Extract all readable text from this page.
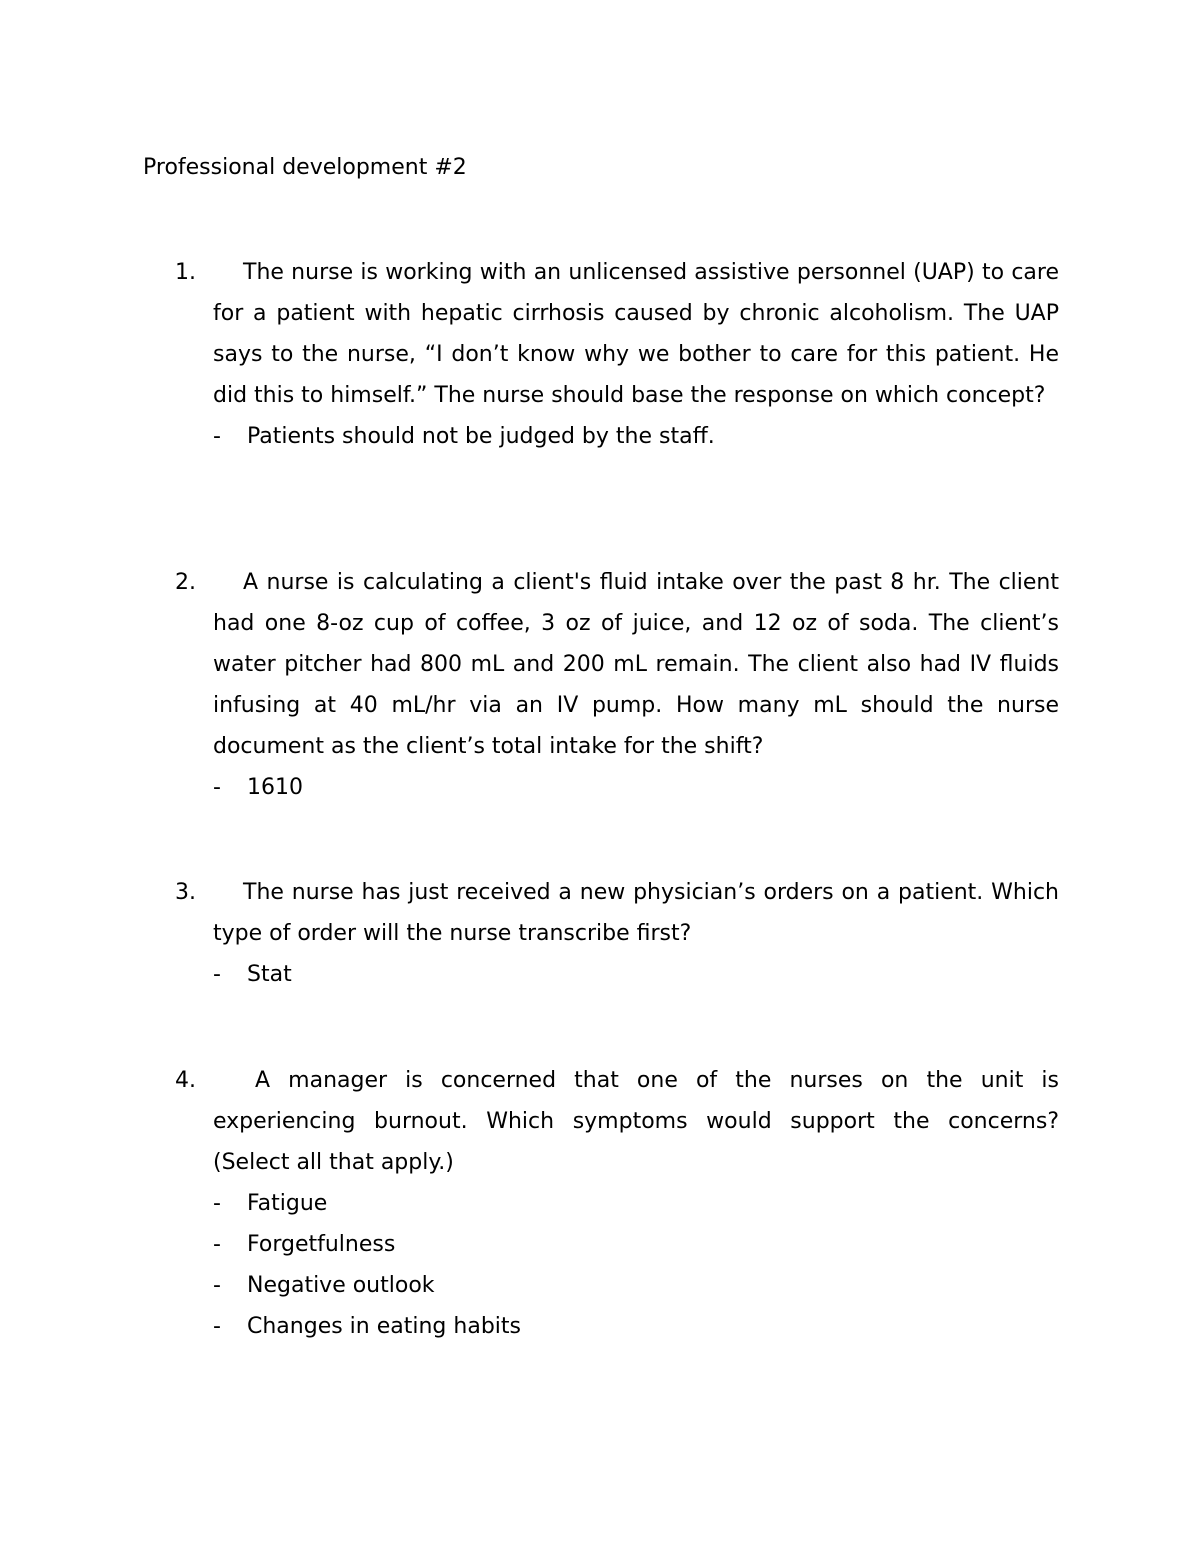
Professional development #2
1.	The nurse is working with an unlicensed assistive personnel (UAP) to care for a patient with hepatic cirrhosis caused by chronic alcoholism. The UAP says to the nurse, “I don’t know why we bother to care for this patient. He did this to himself.” The nurse should base the response on which concept?
- Patients should not be judged by the staff.
2.	A nurse is calculating a client's fluid intake over the past 8 hr. The client had one 8-oz cup of coffee, 3 oz of juice, and 12 oz of soda. The client’s water pitcher had 800 mL and 200 mL remain. The client also had IV fluids infusing at 40 mL/hr via an IV pump. How many mL should the nurse document as the client’s total intake for the shift?
- 1610
3.	The nurse has just received a new physician’s orders on a patient. Which type of order will the nurse transcribe first?
- Stat
4.	A manager is concerned that one of the nurses on the unit is experiencing burnout. Which symptoms would support the concerns? (Select all that apply.)
- Fatigue
- Forgetfulness
- Negative outlook
- Changes in eating habits
